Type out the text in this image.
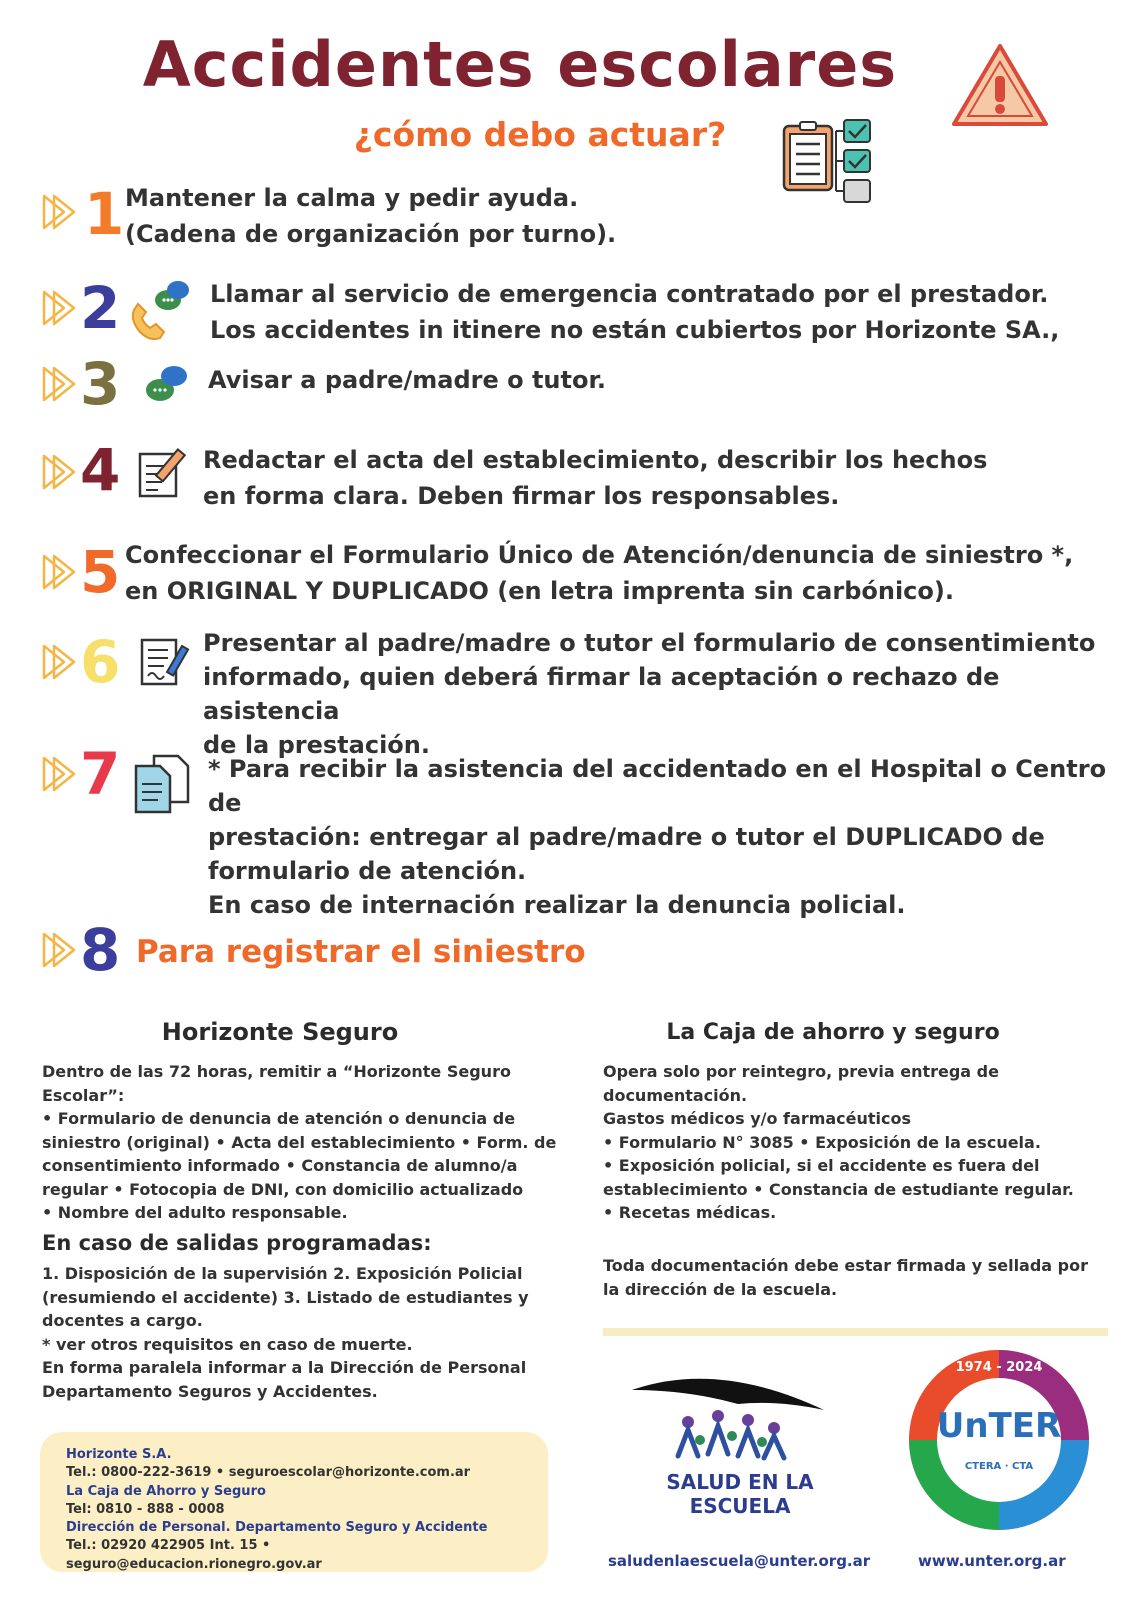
Accidentes escolares
¿cómo debo actuar?
1 Mantener la calma y pedir ayuda.
(Cadena de organización por turno).
2	Llamar al servicio de emergencia contratado por el prestador.
Los accidentes in itinere no están cubiertos por Horizonte SA.,
3	Avisar a padre/madre o tutor.
4	Redactar el acta del establecimiento, describir los hechos
en forma clara. Deben firmar los responsables.
5 Confeccionar el Formulario Único de Atención/denuncia de siniestro *,
en ORIGINAL Y DUPLICADO (en letra imprenta sin carbónico).
6	Presentar al padre/madre o tutor el formulario de consentimiento
informado, quien deberá firmar la aceptación o rechazo de asistencia
de la prestación.
7	* Para recibir la asistencia del accidentado en el Hospital o Centro de
prestación: entregar al padre/madre o tutor el DUPLICADO de
formulario de atención.
En caso de internación realizar la denuncia policial.
8 Para registrar el siniestro
Horizonte Seguro
Dentro de las 72 horas, remitir a “Horizonte Seguro
Escolar”:
• Formulario de denuncia de atención o denuncia de
siniestro (original) • Acta del establecimiento • Form. de
consentimiento informado • Constancia de alumno/a
regular • Fotocopia de DNI, con domicilio actualizado
• Nombre del adulto responsable.
En caso de salidas programadas:
1. Disposición de la supervisión 2. Exposición Policial
(resumiendo el accidente) 3. Listado de estudiantes y
docentes a cargo.
* ver otros requisitos en caso de muerte.
En forma paralela informar a la Dirección de Personal
Departamento Seguros y Accidentes.
La Caja de ahorro y seguro
Opera solo por reintegro, previa entrega de
documentación.
Gastos médicos y/o farmacéuticos
• Formulario N° 3085 • Exposición de la escuela.
• Exposición policial, si el accidente es fuera del
establecimiento • Constancia de estudiante regular.
• Recetas médicas.
Toda documentación debe estar firmada y sellada por
la dirección de la escuela.
Horizonte S.A.
Tel.: 0800-222-3619 • seguroescolar@horizonte.com.ar
La Caja de Ahorro y Seguro
Tel: 0810 - 888 - 0008
Dirección de Personal. Departamento Seguro y Accidente
Tel.: 02920 422905 Int. 15 • seguro@educacion.rionegro.gov.ar
SALUD EN LA ESCUELA
UnTER
CTERA · CTA
1974 - 2024
saludenlaescuela@unter.org.ar	www.unter.org.ar
